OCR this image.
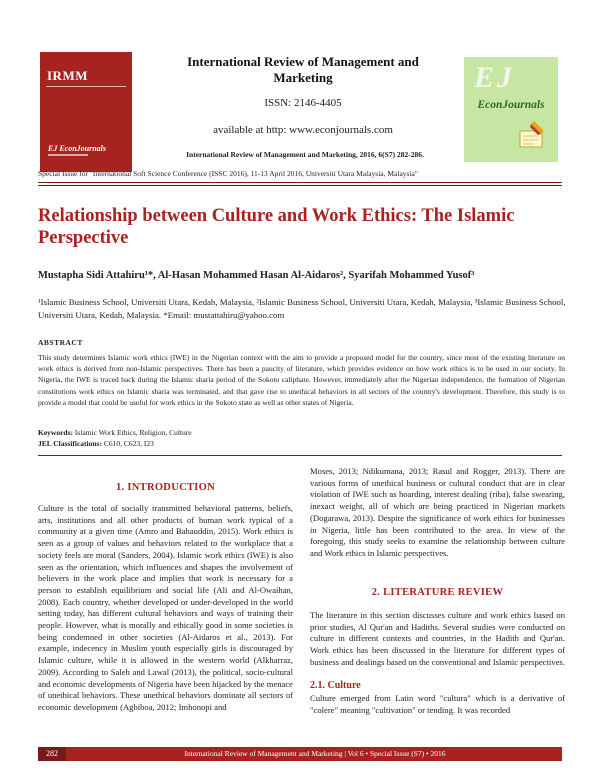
IRMM
EJ EconJournals
International Review of Management and Marketing
ISSN: 2146-4405
available at http: www.econjournals.com
International Review of Management and Marketing, 2016, 6(S7) 282-286.
EJ
EconJournals
Special Issue for "International Soft Science Conference (ISSC 2016), 11-13 April 2016, Universiti Utara Malaysia, Malaysia"
Relationship between Culture and Work Ethics: The Islamic Perspective
Mustapha Sidi Attahiru¹*, Al-Hasan Mohammed Hasan Al-Aidaros², Syarifah Mohammed Yusof³
¹Islamic Business School, Universiti Utara, Kedah, Malaysia, ²Islamic Business School, Universiti Utara, Kedah, Malaysia, ³Islamic Business School, Universiti Utara, Kedah, Malaysia. *Email: mustattahiru@yahoo.com
ABSTRACT
This study determines Islamic work ethics (IWE) in the Nigerian context with the aim to provide a proposed model for the country, since most of the existing literature on work ethics is derived from non-Islamic perspectives. There has been a paucity of literature, which provides evidence on how work ethics is to be used in our society. In Nigeria, the IWE is traced back during the Islamic sharia period of the Sokoto caliphate. However, immediately after the Nigerian independence, the formation of Nigerian constitutions work ethics on Islamic sharia was terminated, and that gave rise to unethical behaviors in all sectors of the country's development. Therefore, this study is to provide a model that could be useful for work ethics in the Sokoto state as well as other states of Nigeria.
Keywords: Islamic Work Ethics, Religion, Culture
JEL Classifications: C610, C623, I23
1. INTRODUCTION
Culture is the total of socially transmitted behavioral patterns, beliefs, arts, institutions and all other products of human work typical of a community at a given time (Amro and Bahauddin, 2015). Work ethics is seen as a group of values and behaviors related to the workplace that a society feels are moral (Sanders, 2004). Islamic work ethics (IWE) is also seen as the orientation, which influences and shapes the involvement of believers in the work place and implies that work is necessary for a person to establish equilibrium and social life (Ali and Al-Owaihan, 2008). Each country, whether developed or under-developed in the world setting today, has different cultural behaviors and ways of training their people. However, what is morally and ethically good in some societies is being condemned in other societies (Al-Aidaros et al., 2013). For example, indecency in Muslim youth especially girls is discouraged by Islamic culture, while it is allowed in the western world (Alkharraz, 2009). According to Saleh and Lawal (2013), the political, socio-cultural and economic developments of Nigeria have been hijacked by the menace of unethical behaviors. These unethical behaviors dominate all sectors of economic development (Agbiboa, 2012; Imhonopi and
Moses, 2013; Ndikumana, 2013; Rasul and Rogger, 2013). There are various forms of unethical business or cultural conduct that are in clear violation of IWE such as hoarding, interest dealing (riba), false swearing, inexact weight, all of which are being practiced in Nigerian markets (Dogarawa, 2013). Despite the significance of work ethics for businesses in Nigeria, little has been contributed to the area. In view of the foregoing, this study seeks to examine the relationship between culture and Work ethics in Islamic perspectives.
2. LITERATURE REVIEW
The literature in this section discusses culture and work ethics based on prior studies, Al Qur'an and Hadiths. Several studies were conducted on culture in different contexts and countries, in the Hadith and Qur'an. Work ethics has been discussed in the literature for different types of business and dealings based on the conventional and Islamic perspectives.
2.1. Culture
Culture emerged from Latin word "cultura" which is a derivative of "colere" meaning "cultivation" or tending. It was recorded
282	International Review of Management and Marketing | Vol 6 • Special Issue (S7) • 2016
